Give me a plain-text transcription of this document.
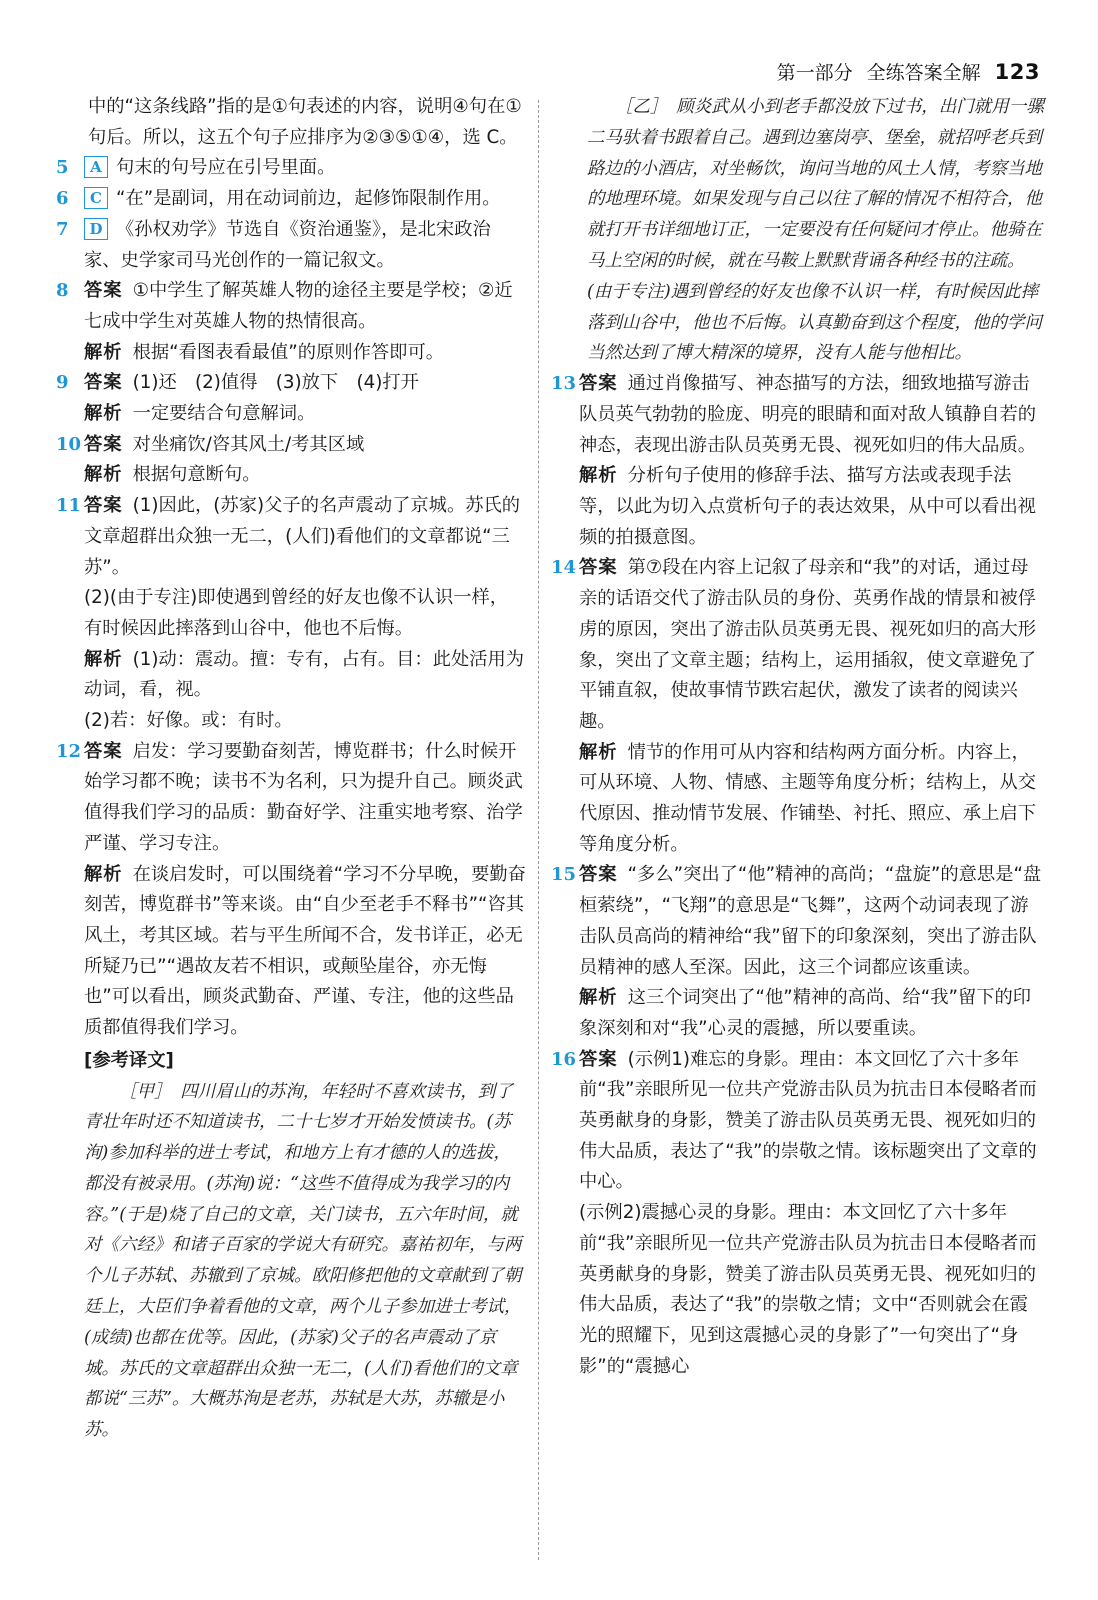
第一部分 全练答案全解 123

中的“这条线路”指的是①句表述的内容，说明④句在①句后。所以，这五个句子应排序为②③⑤①④，选 C。

5	A 句末的句号应在引号里面。
6	C “在”是副词，用在动词前边，起修饰限制作用。
7	D 《孙权劝学》节选自《资治通鉴》，是北宋政治家、史学家司马光创作的一篇记叙文。
8 答案 ①中学生了解英雄人物的途径主要是学校；②近七成中学生对英雄人物的热情很高。

解析 根据“看图表看最值”的原则作答即可。

9 答案 (1)还　(2)值得　(3)放下　(4)打开

解析 一定要结合句意解词。

10 答案 对坐痛饮/咨其风土/考其区域

解析 根据句意断句。

11 答案 (1)因此，(苏家)父子的名声震动了京城。苏氏的文章超群出众独一无二，(人们)看他们的文章都说“三苏”。

(2)(由于专注)即使遇到曾经的好友也像不认识一样，有时候因此摔落到山谷中，他也不后悔。

解析 (1)动：震动。擅：专有，占有。目：此处活用为动词，看，视。

(2)若：好像。或：有时。

12 答案 启发：学习要勤奋刻苦，博览群书；什么时候开始学习都不晚；读书不为名利，只为提升自己。顾炎武值得我们学习的品质：勤奋好学、注重实地考察、治学严谨、学习专注。

解析 在谈启发时，可以围绕着“学习不分早晚，要勤奋刻苦，博览群书”等来谈。由“自少至老手不释书”“咨其风土，考其区域。若与平生所闻不合，发书详正，必无所疑乃已”“遇故友若不相识，或颠坠崖谷，亦无悔也”可以看出，顾炎武勤奋、严谨、专注，他的这些品质都值得我们学习。

[参考译文]

［甲］　四川眉山的苏洵，年轻时不喜欢读书，到了青壮年时还不知道读书，二十七岁才开始发愤读书。(苏洵)参加科举的进士考试，和地方上有才德的人的选拔，都没有被录用。(苏洵)说：“这些不值得成为我学习的内容。”(于是)烧了自己的文章，关门读书，五六年时间，就对《六经》和诸子百家的学说大有研究。嘉祐初年，与两个儿子苏轼、苏辙到了京城。欧阳修把他的文章献到了朝廷上，大臣们争着看他的文章，两个儿子参加进士考试，(成绩)也都在优等。因此，(苏家)父子的名声震动了京城。苏氏的文章超群出众独一无二，(人们)看他们的文章都说“三苏”。大概苏洵是老苏，苏轼是大苏，苏辙是小苏。

［乙］　顾炎武从小到老手都没放下过书，出门就用一骡二马驮着书跟着自己。遇到边塞岗亭、堡垒，就招呼老兵到路边的小酒店，对坐畅饮，询问当地的风土人情，考察当地的地理环境。如果发现与自己以往了解的情况不相符合，他就打开书详细地订正，一定要没有任何疑问才停止。他骑在马上空闲的时候，就在马鞍上默默背诵各种经书的注疏。(由于专注)遇到曾经的好友也像不认识一样，有时候因此摔落到山谷中，他也不后悔。认真勤奋到这个程度，他的学问当然达到了博大精深的境界，没有人能与他相比。

13 答案 通过肖像描写、神态描写的方法，细致地描写游击队员英气勃勃的脸庞、明亮的眼睛和面对敌人镇静自若的神态，表现出游击队员英勇无畏、视死如归的伟大品质。

解析 分析句子使用的修辞手法、描写方法或表现手法等，以此为切入点赏析句子的表达效果，从中可以看出视频的拍摄意图。

14 答案 第⑦段在内容上记叙了母亲和“我”的对话，通过母亲的话语交代了游击队员的身份、英勇作战的情景和被俘虏的原因，突出了游击队员英勇无畏、视死如归的高大形象，突出了文章主题；结构上，运用插叙，使文章避免了平铺直叙，使故事情节跌宕起伏，激发了读者的阅读兴趣。

解析 情节的作用可从内容和结构两方面分析。内容上，可从环境、人物、情感、主题等角度分析；结构上，从交代原因、推动情节发展、作铺垫、衬托、照应、承上启下等角度分析。

15 答案 “多么”突出了“他”精神的高尚；“盘旋”的意思是“盘桓萦绕”，“飞翔”的意思是“飞舞”，这两个动词表现了游击队员高尚的精神给“我”留下的印象深刻，突出了游击队员精神的感人至深。因此，这三个词都应该重读。

解析 这三个词突出了“他”精神的高尚、给“我”留下的印象深刻和对“我”心灵的震撼，所以要重读。

16 答案 (示例1)难忘的身影。理由：本文回忆了六十多年前“我”亲眼所见一位共产党游击队员为抗击日本侵略者而英勇献身的身影，赞美了游击队员英勇无畏、视死如归的伟大品质，表达了“我”的崇敬之情。该标题突出了文章的中心。

(示例2)震撼心灵的身影。理由：本文回忆了六十多年前“我”亲眼所见一位共产党游击队员为抗击日本侵略者而英勇献身的身影，赞美了游击队员英勇无畏、视死如归的伟大品质，表达了“我”的崇敬之情；文中“否则就会在霞光的照耀下，见到这震撼心灵的身影了”一句突出了“身影”的“震撼心
